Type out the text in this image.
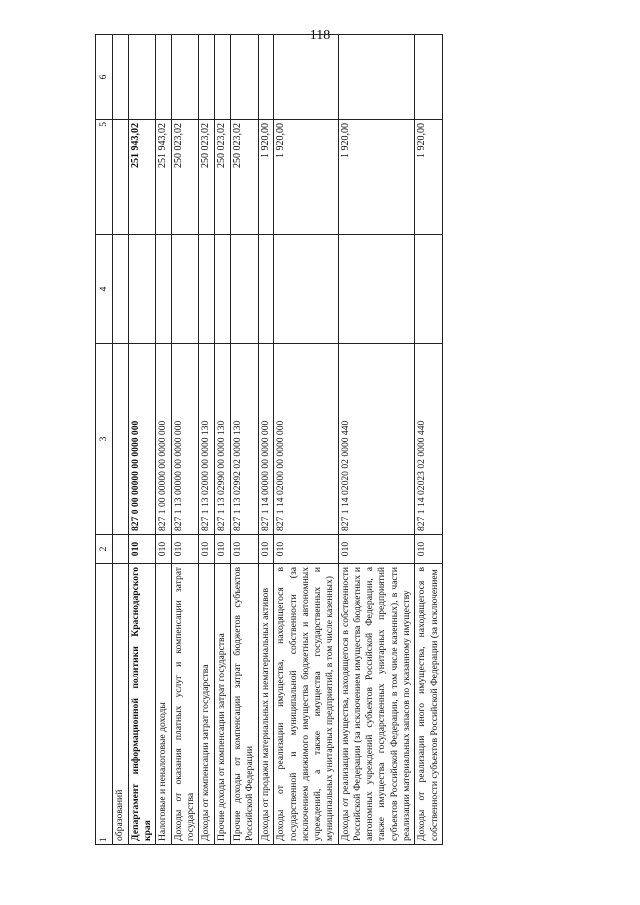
118
1	2	3	4	5	6
образований					
Департамент информационной политики Краснодарского края	010	827 0 00 00000 00 0000 000		251 943,02	
Налоговые и неналоговые доходы	010	827 1 00 00000 00 0000 000		251 943,02	
Доходы от оказания платных услуг и компенсации затрат государства	010	827 1 13 00000 00 0000 000		250 023,02	
Доходы от компенсации затрат государства	010	827 1 13 02000 00 0000 130		250 023,02	
Прочие доходы от компенсации затрат государства	010	827 1 13 02990 00 0000 130		250 023,02	
Прочие доходы от компенсации затрат бюджетов субъектов Российской Федерации	010	827 1 13 02992 02 0000 130		250 023,02	
Доходы от продажи материальных и нематериальных активов	010	827 1 14 00000 00 0000 000		1 920,00	
Доходы от реализации имущества, находящегося в государственной и муниципальной собственности (за исключением движимого имущества бюджетных и автономных учреждений, а также имущества государственных и муниципальных унитарных предприятий, в том числе казенных)	010	827 1 14 02000 00 0000 000		1 920,00	
Доходы от реализации имущества, находящегося в собственности Российской Федерации (за исключением имущества бюджетных и автономных учреждений субъектов Российской Федерации, а также имущества государственных унитарных предприятий субъектов Российской Федерации, в том числе казенных), в части реализации материальных запасов по указанному имуществу	010	827 1 14 02020 02 0000 440		1 920,00	
Доходы от реализации иного имущества, находящегося в собственности субъектов Российской Федерации (за исключением	010	827 1 14 02023 02 0000 440		1 920,00	
